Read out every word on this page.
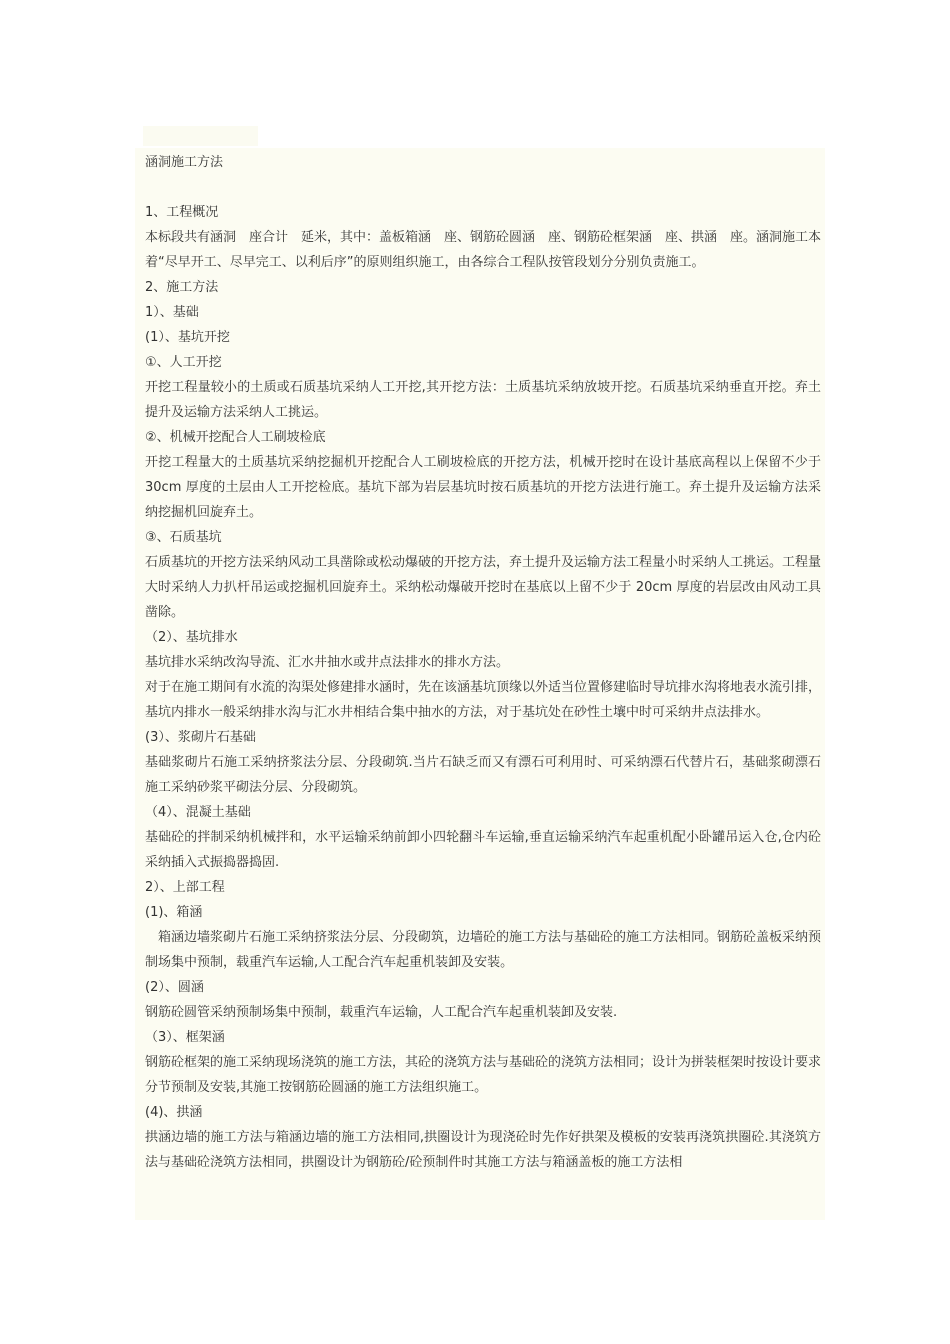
涵洞施工方法

1、工程概况

本标段共有涵洞　座合计　延米，其中：盖板箱涵　座、钢筋砼圆涵　座、钢筋砼框架涵　座、拱涵　座。涵洞施工本着“尽早开工、尽早完工、以利后序”的原则组织施工，由各综合工程队按管段划分分别负责施工。

2、施工方法

1）、基础

(1）、基坑开挖

①、人工开挖

开挖工程量较小的土质或石质基坑采纳人工开挖,其开挖方法：土质基坑采纳放坡开挖。石质基坑采纳垂直开挖。弃土提升及运输方法采纳人工挑运。

②、机械开挖配合人工刷坡检底

开挖工程量大的土质基坑采纳挖掘机开挖配合人工刷坡检底的开挖方法，机械开挖时在设计基底高程以上保留不少于 30cm 厚度的土层由人工开挖检底。基坑下部为岩层基坑时按石质基坑的开挖方法进行施工。弃土提升及运输方法采纳挖掘机回旋弃土。

③、石质基坑

石质基坑的开挖方法采纳风动工具凿除或松动爆破的开挖方法，弃土提升及运输方法工程量小时采纳人工挑运。工程量大时采纳人力扒杆吊运或挖掘机回旋弃土。采纳松动爆破开挖时在基底以上留不少于 20cm 厚度的岩层改由风动工具凿除。

（2）、基坑排水

基坑排水采纳改沟导流、汇水井抽水或井点法排水的排水方法。

对于在施工期间有水流的沟渠处修建排水涵时，先在该涵基坑顶缘以外适当位置修建临时导坑排水沟将地表水流引排，基坑内排水一般采纳排水沟与汇水井相结合集中抽水的方法，对于基坑处在砂性土壤中时可采纳井点法排水。

(3）、浆砌片石基础

基础浆砌片石施工采纳挤浆法分层、分段砌筑.当片石缺乏而又有漂石可利用时、可采纳漂石代替片石，基础浆砌漂石施工采纳砂浆平砌法分层、分段砌筑。

（4）、混凝土基础

基础砼的拌制采纳机械拌和，水平运输采纳前卸小四轮翻斗车运输,垂直运输采纳汽车起重机配小卧罐吊运入仓,仓内砼采纳插入式振捣器捣固.

2）、上部工程

(1)、箱涵

箱涵边墙浆砌片石施工采纳挤浆法分层、分段砌筑，边墙砼的施工方法与基础砼的施工方法相同。钢筋砼盖板采纳预制场集中预制，载重汽车运输,人工配合汽车起重机装卸及安装。

(2）、圆涵

钢筋砼圆管采纳预制场集中预制，载重汽车运输，人工配合汽车起重机装卸及安装.

（3）、框架涵

钢筋砼框架的施工采纳现场浇筑的施工方法，其砼的浇筑方法与基础砼的浇筑方法相同；设计为拼装框架时按设计要求分节预制及安装,其施工按钢筋砼圆涵的施工方法组织施工。

(4)、拱涵

拱涵边墙的施工方法与箱涵边墙的施工方法相同,拱圈设计为现浇砼时先作好拱架及模板的安装再浇筑拱圈砼.其浇筑方法与基础砼浇筑方法相同，拱圈设计为钢筋砼/砼预制件时其施工方法与箱涵盖板的施工方法相
